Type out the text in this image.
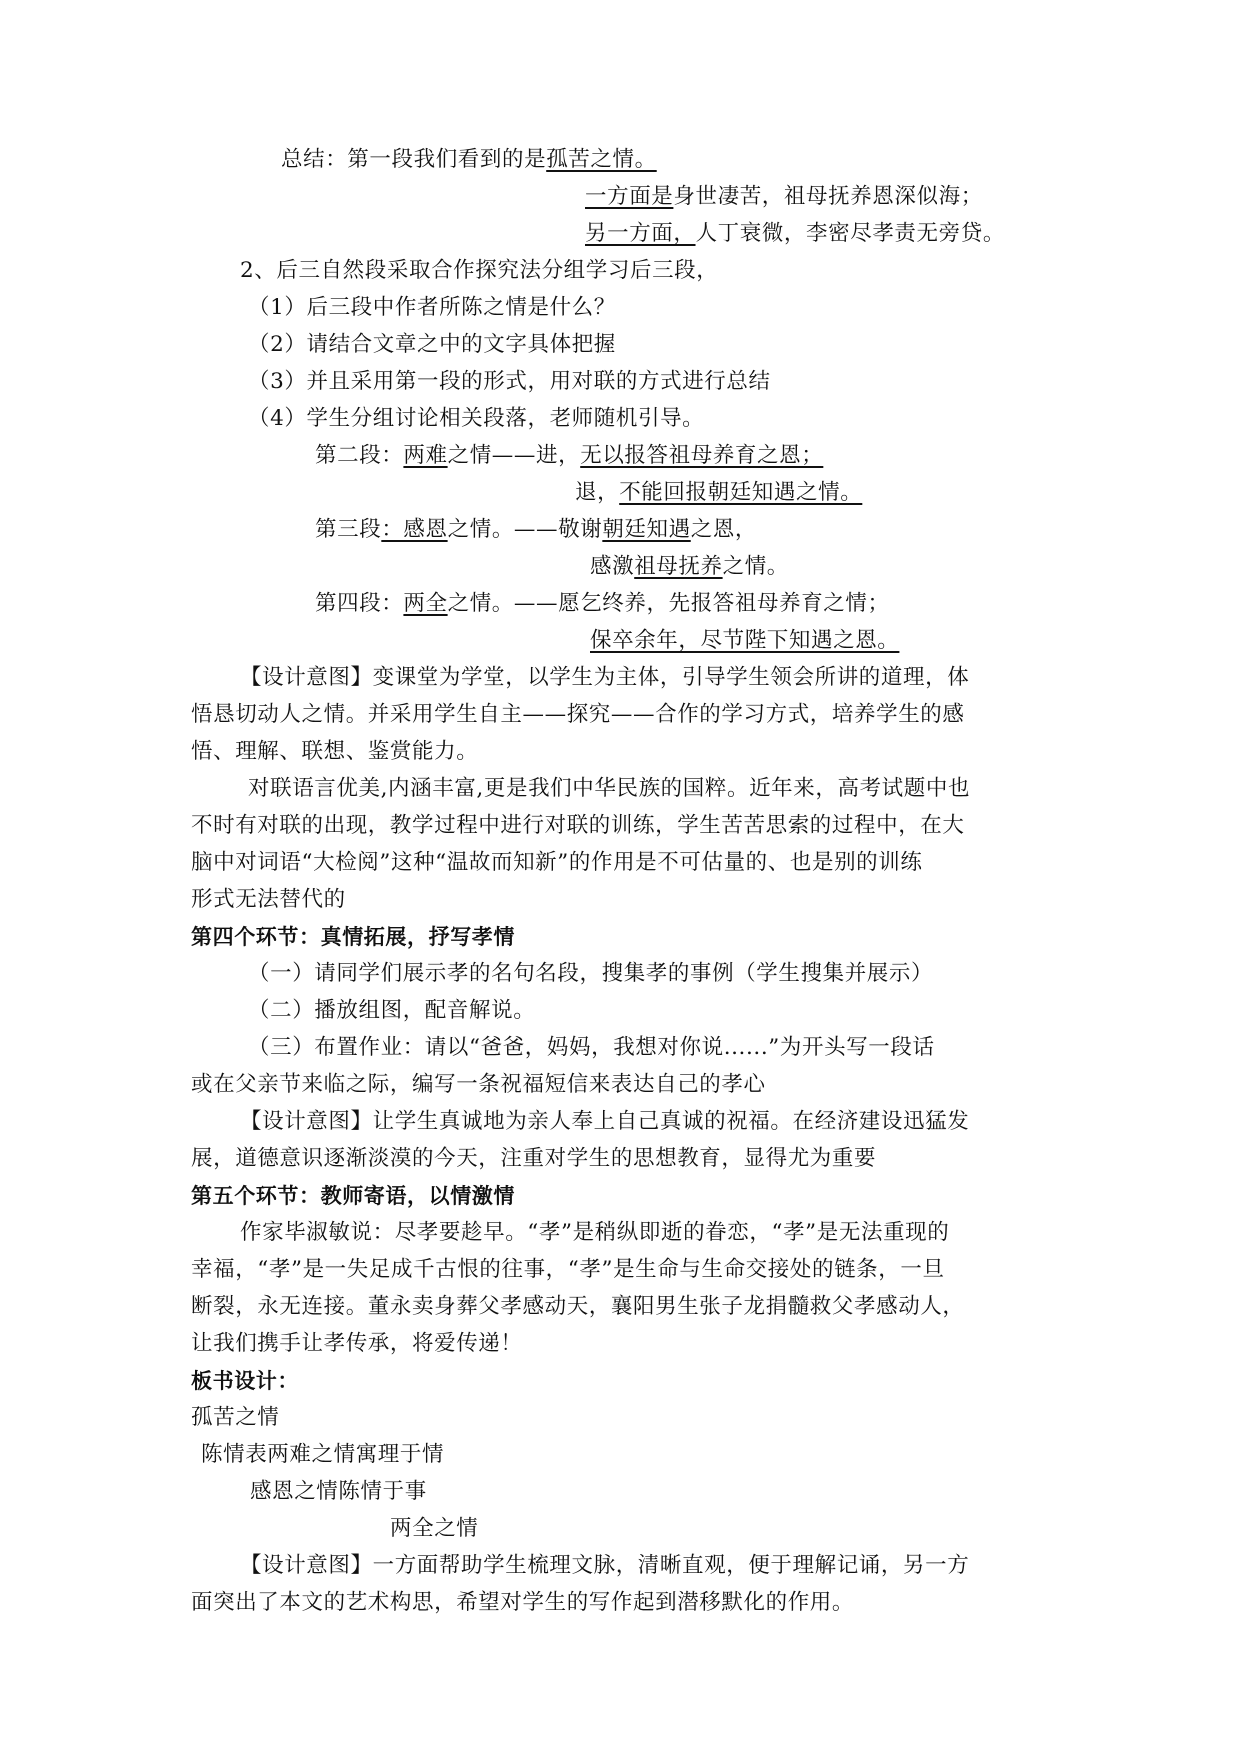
总结：第一段我们看到的是孤苦之情。
一方面是身世凄苦，祖母抚养恩深似海；
另一方面，人丁衰微，李密尽孝责无旁贷。
2、后三自然段采取合作探究法分组学习后三段，
（1）后三段中作者所陈之情是什么？
（2）请结合文章之中的文字具体把握
（3）并且采用第一段的形式，用对联的方式进行总结
（4）学生分组讨论相关段落，老师随机引导。
第二段：两难之情——进，无以报答祖母养育之恩；
退，不能回报朝廷知遇之情。
第三段：感恩之情。——敬谢朝廷知遇之恩，
感激祖母抚养之情。
第四段：两全之情。——愿乞终养，先报答祖母养育之情；
保卒余年，尽节陛下知遇之恩。
【设计意图】变课堂为学堂，以学生为主体，引导学生领会所讲的道理，体
悟恳切动人之情。并采用学生自主——探究——合作的学习方式，培养学生的感
悟、理解、联想、鉴赏能力。
对联语言优美,内涵丰富,更是我们中华民族的国粹。近年来，高考试题中也
不时有对联的出现，教学过程中进行对联的训练，学生苦苦思索的过程中，在大
脑中对词语“大检阅”这种“温故而知新”的作用是不可估量的、也是别的训练
形式无法替代的
第四个环节：真情拓展，抒写孝情
（一）请同学们展示孝的名句名段，搜集孝的事例（学生搜集并展示）
（二）播放组图，配音解说。
（三）布置作业：请以“爸爸，妈妈，我想对你说......”为开头写一段话
或在父亲节来临之际，编写一条祝福短信来表达自己的孝心
【设计意图】让学生真诚地为亲人奉上自己真诚的祝福。在经济建设迅猛发
展，道德意识逐渐淡漠的今天，注重对学生的思想教育，显得尤为重要
第五个环节：教师寄语，以情激情
作家毕淑敏说：尽孝要趁早。“孝”是稍纵即逝的眷恋，“孝”是无法重现的
幸福，“孝”是一失足成千古恨的往事，“孝”是生命与生命交接处的链条，一旦
断裂，永无连接。董永卖身葬父孝感动天，襄阳男生张子龙捐髓救父孝感动人，
让我们携手让孝传承，将爱传递！
板书设计：
孤苦之情
陈情表两难之情寓理于情
感恩之情陈情于事
两全之情
【设计意图】一方面帮助学生梳理文脉，清晰直观，便于理解记诵，另一方
面突出了本文的艺术构思，希望对学生的写作起到潜移默化的作用。
